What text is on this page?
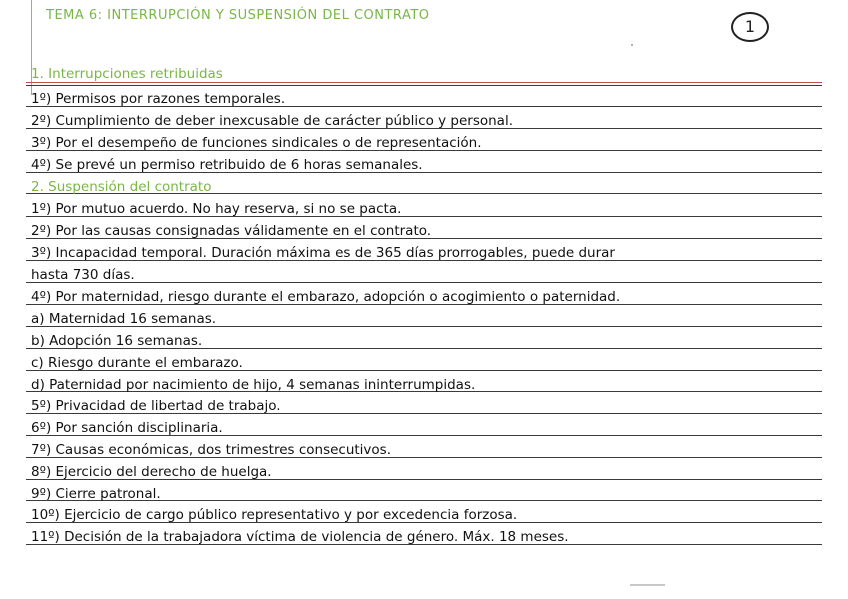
TEMA 6: INTERRUPCIÓN Y SUSPENSIÓN DEL CONTRATO
1
1. Interrupciones retribuidas
1º) Permisos por razones temporales.
2º) Cumplimiento de deber inexcusable de carácter público y personal.
3º) Por el desempeño de funciones sindicales o de representación.
4º) Se prevé un permiso retribuido de 6 horas semanales.
2. Suspensión del contrato
1º) Por mutuo acuerdo. No hay reserva, si no se pacta.
2º) Por las causas consignadas válidamente en el contrato.
3º) Incapacidad temporal. Duración máxima es de 365 días prorrogables, puede durar
hasta 730 días.
4º) Por maternidad, riesgo durante el embarazo, adopción o acogimiento o paternidad.
a) Maternidad 16 semanas.
b) Adopción 16 semanas.
c) Riesgo durante el embarazo.
d) Paternidad por nacimiento de hijo, 4 semanas ininterrumpidas.
5º) Privacidad de libertad de trabajo.
6º) Por sanción disciplinaria.
7º) Causas económicas, dos trimestres consecutivos.
8º) Ejercicio del derecho de huelga.
9º) Cierre patronal.
10º) Ejercicio de cargo público representativo y por excedencia forzosa.
11º) Decisión de la trabajadora víctima de violencia de género. Máx. 18 meses.
